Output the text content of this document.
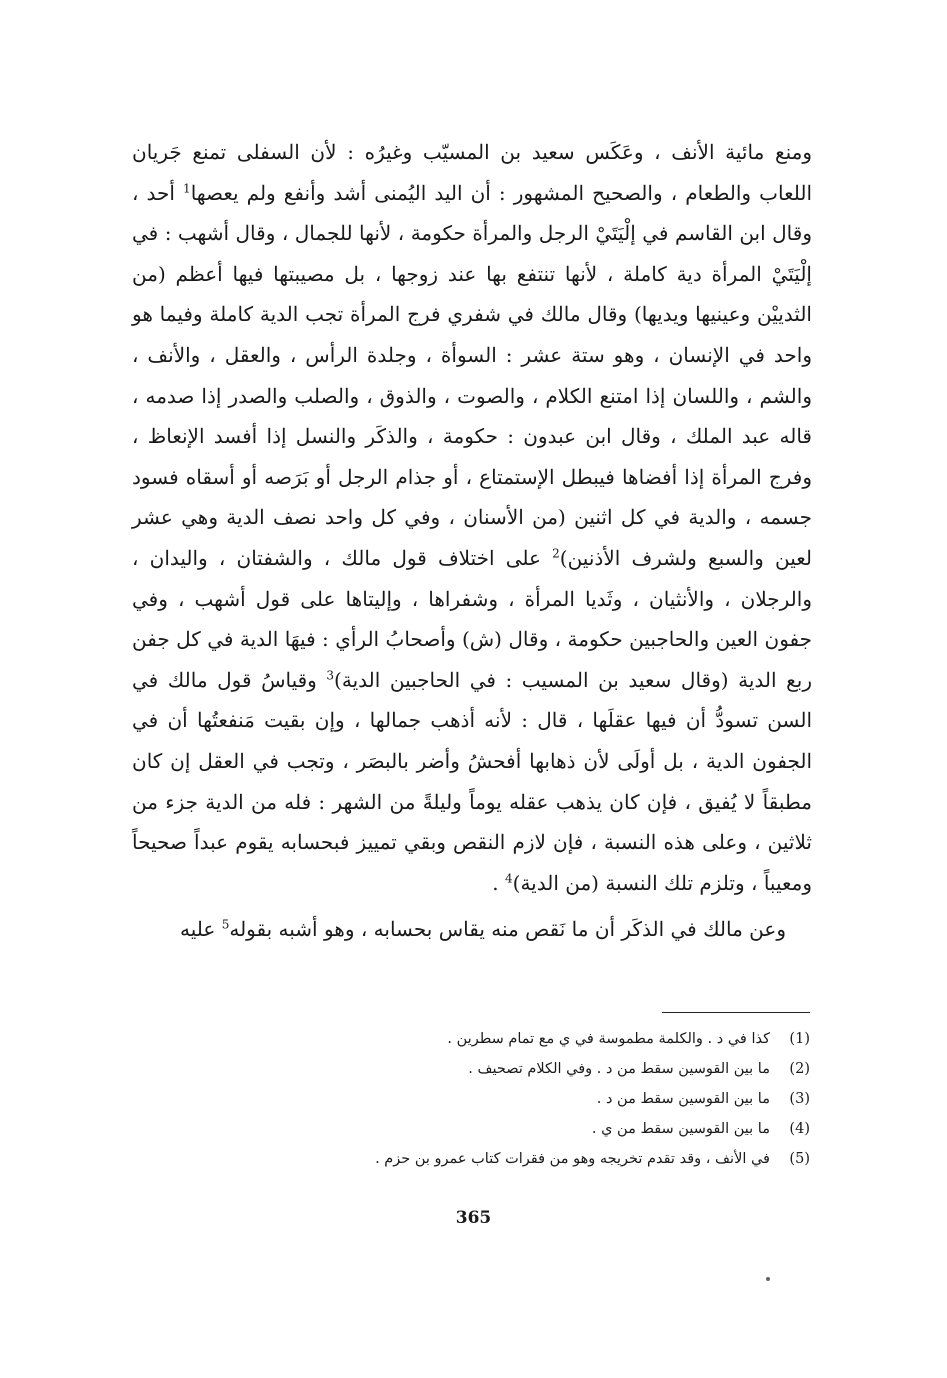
ومنع مائية الأنف ، وعَكَس سعيد بن المسيّب وغيرُه : لأن السفلى تمنع جَريان اللعاب والطعام ، والصحيح المشهور : أن اليد اليُمنى أشد وأنفع ولم يعصها$^1$ أحد ، وقال ابن القاسم في إلْيَتَيْ الرجل والمرأة حكومة ، لأنها للجمال ، وقال أشهب : في إلْيَتَيْ المرأة دية كاملة ، لأنها تنتفع بها عند زوجها ، بل مصيبتها فيها أعظم (من الثدييْن وعينيها ويديها) وقال مالك في شفري فرج المرأة تجب الدية كاملة وفيما هو واحد في الإنسان ، وهو ستة عشر : السوأة ، وجلدة الرأس ، والعقل ، والأنف ، والشم ، واللسان إذا امتنع الكلام ، والصوت ، والذوق ، والصلب والصدر إذا صدمه ، قاله عبد الملك ، وقال ابن عبدون : حكومة ، والذكَر والنسل إذا أفسد الإنعاظ ، وفرج المرأة إذا أفضاها فيبطل الإستمتاع ، أو جذام الرجل أو بَرَصه أو أسقاه فسود جسمه ، والدية في كل اثنين (من الأسنان ، وفي كل واحد نصف الدية وهي عشر لعين والسبع ولشرف الأذنين)$^2$ على اختلاف قول مالك ، والشفتان ، واليدان ، والرجلان ، والأنثيان ، وثَديا المرأة ، وشفراها ، وإليتاها على قول أشهب ، وفي جفون العين والحاجبين حكومة ، وقال (ش) وأصحابُ الرأي : فيهَا الدية في كل جفن ربع الدية (وقال سعيد بن المسيب : في الحاجبين الدية)$^3$ وقياسُ قول مالك في السن تسودُّ أن فيها عقلَها ، قال : لأنه أذهب جمالها ، وإن بقيت مَنفعتُها أن في الجفون الدية ، بل أولَى لأن ذهابها أفحشُ وأضر بالبصَر ، وتجب في العقل إن كان مطبقاً لا يُفيق ، فإن كان يذهب عقله يوماً وليلةً من الشهر : فله من الدية جزء من ثلاثين ، وعلى هذه النسبة ، فإن لازم النقص وبقي تمييز فبحسابه يقوم عبداً صحيحاً ومعيباً ، وتلزم تلك النسبة (من الدية)$^4$ .

وعن مالك في الذكَر أن ما نَقص منه يقاس بحسابه ، وهو أشبه بقوله$^5$ عليه

(1)
كذا في د . والكلمة مطموسة في ي مع تمام سطرين .
(2)
ما بين القوسين سقط من د . وفي الكلام تصحيف .
(3)
ما بين القوسين سقط من د .
(4)
ما بين القوسين سقط من ي .
(5)
في الأنف ، وقد تقدم تخريجه وهو من فقرات كتاب عمرو بن حزم .
365
